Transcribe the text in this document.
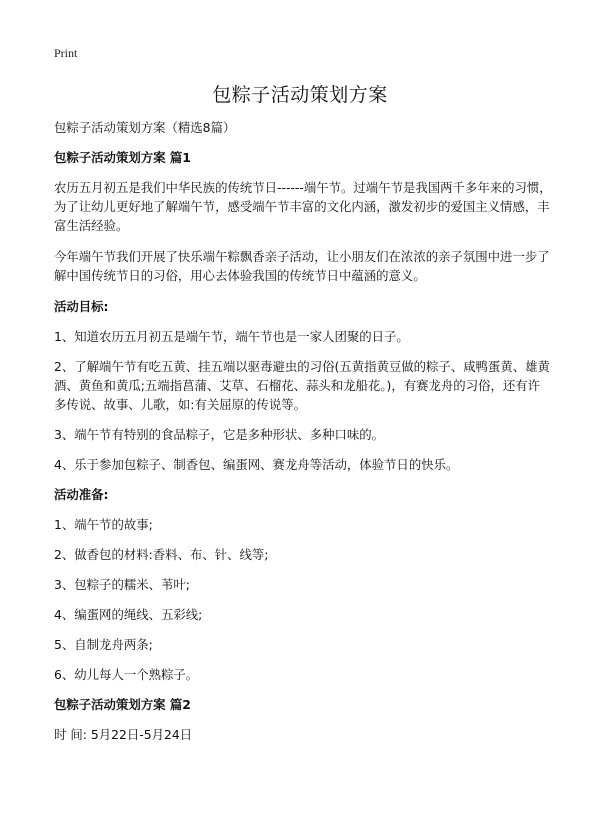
Print
包粽子活动策划方案
包粽子活动策划方案（精选8篇）
包粽子活动策划方案 篇1
农历五月初五是我们中华民族的传统节日------端午节。过端午节是我国两千多年来的习惯，为了让幼儿更好地了解端午节，感受端午节丰富的文化内涵，激发初步的爱国主义情感，丰富生活经验。
今年端午节我们开展了快乐端午粽飘香亲子活动，让小朋友们在浓浓的亲子氛围中进一步了解中国传统节日的习俗，用心去体验我国的传统节日中蕴涵的意义。
活动目标:
1、知道农历五月初五是端午节，端午节也是一家人团聚的日子。
2、了解端午节有吃五黄、挂五端以驱毒避虫的习俗(五黄指黄豆做的粽子、咸鸭蛋黄、雄黄酒、黄鱼和黄瓜;五端指菖蒲、艾草、石榴花、蒜头和龙船花。)，有赛龙舟的习俗，还有许多传说、故事、儿歌，如:有关屈原的传说等。
3、端午节有特别的食品粽子，它是多种形状、多种口味的。
4、乐于参加包粽子、制香包、编蛋网、赛龙舟等活动，体验节日的快乐。
活动准备:
1、端午节的故事;
2、做香包的材料:香料、布、针、线等;
3、包粽子的糯米、苇叶;
4、编蛋网的绳线、五彩线;
5、自制龙舟两条;
6、幼儿每人一个熟粽子。
包粽子活动策划方案 篇2
时 间: 5月22日-5月24日
